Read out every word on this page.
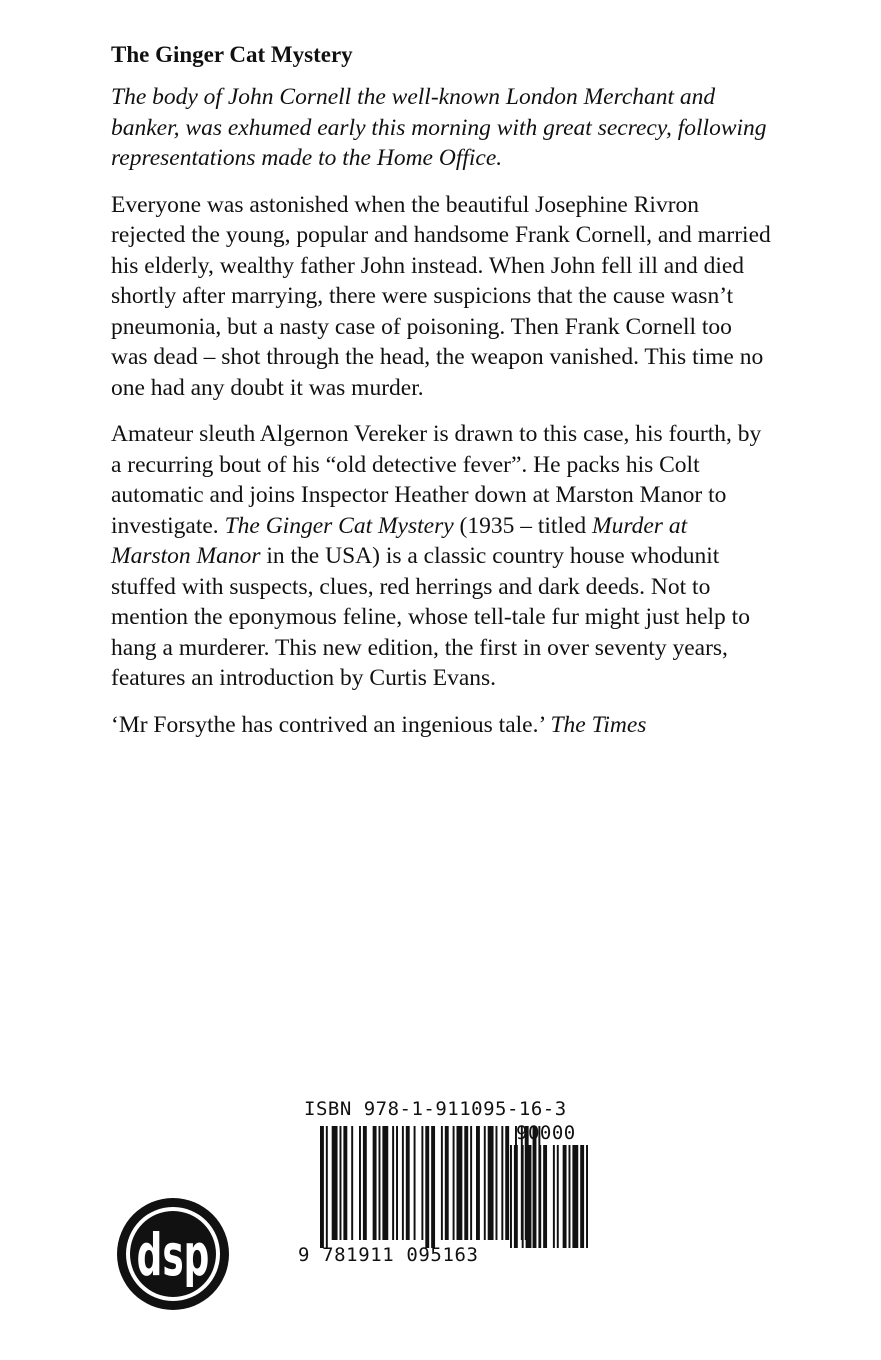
The Ginger Cat Mystery

The body of John Cornell the well-known London Merchant and banker, was exhumed early this morning with great secrecy, following representations made to the Home Office.

Everyone was astonished when the beautiful Josephine Rivron rejected the young, popular and handsome Frank Cornell, and married his elderly, wealthy father John instead. When John fell ill and died shortly after marrying, there were suspicions that the cause wasn’t pneumonia, but a nasty case of poisoning. Then Frank Cornell too was dead – shot through the head, the weapon vanished. This time no one had any doubt it was murder.

Amateur sleuth Algernon Vereker is drawn to this case, his fourth, by a recurring bout of his “old detective fever”. He packs his Colt automatic and joins Inspector Heather down at Marston Manor to investigate. The Ginger Cat Mystery (1935 – titled Murder at Marston Manor in the USA) is a classic country house whodunit stuffed with suspects, clues, red herrings and dark deeds. Not to mention the eponymous feline, whose tell-tale fur might just help to hang a murderer. This new edition, the first in over seventy years, features an introduction by Curtis Evans.

‘Mr Forsythe has contrived an ingenious tale.’ The Times

ISBN 978-1-911095-16-3
90000
9 781911 095163
dsp
